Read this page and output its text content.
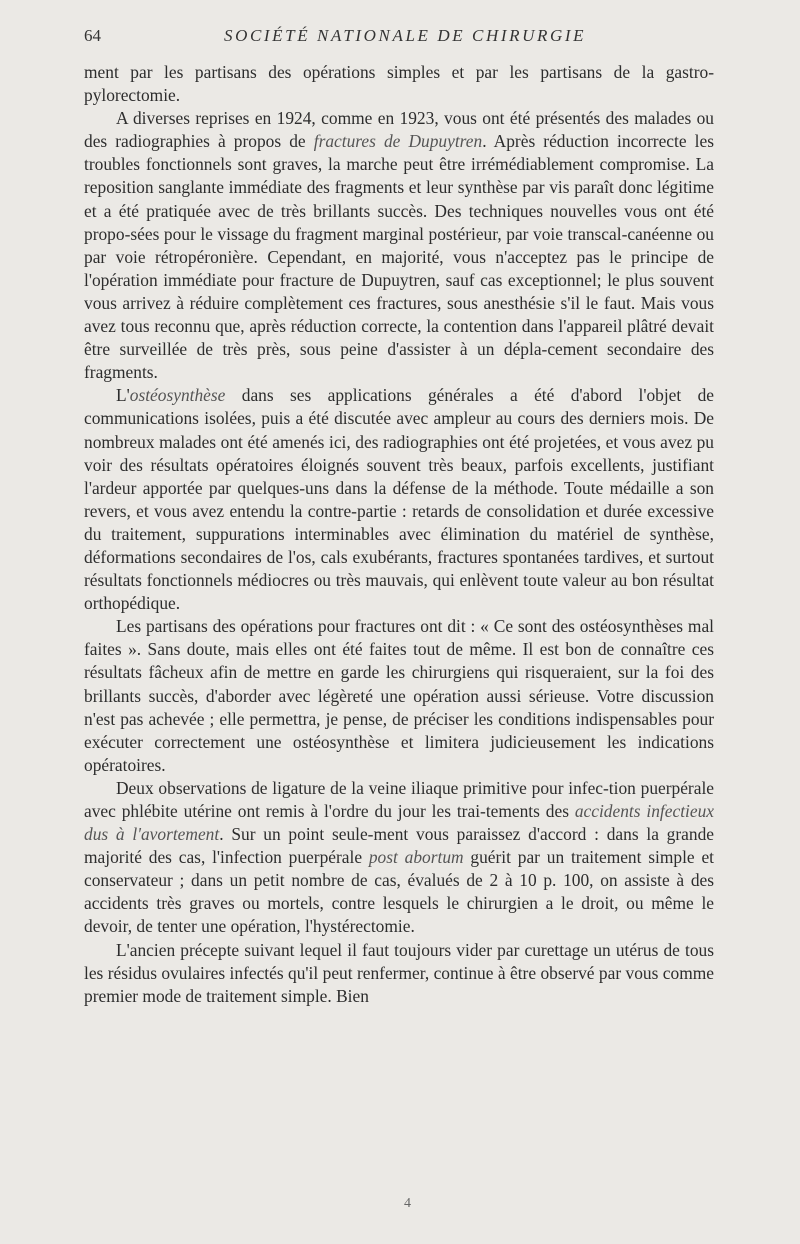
64	SOCIÉTÉ NATIONALE DE CHIRURGIE

ment par les partisans des opérations simples et par les partisans de la gastro-pylorectomie.

A diverses reprises en 1924, comme en 1923, vous ont été présentés des malades ou des radiographies à propos de fractures de Dupuytren. Après réduction incorrecte les troubles fonctionnels sont graves, la marche peut être irrémédiablement compromise. La reposition sanglante immédiate des fragments et leur synthèse par vis paraît donc légitime et a été pratiquée avec de très brillants succès. Des techniques nouvelles vous ont été propo-sées pour le vissage du fragment marginal postérieur, par voie transcal-canéenne ou par voie rétropéronière. Cependant, en majorité, vous n'acceptez pas le principe de l'opération immédiate pour fracture de Dupuytren, sauf cas exceptionnel; le plus souvent vous arrivez à réduire complètement ces fractures, sous anesthésie s'il le faut. Mais vous avez tous reconnu que, après réduction correcte, la contention dans l'appareil plâtré devait être surveillée de très près, sous peine d'assister à un dépla-cement secondaire des fragments.

L'ostéosynthèse dans ses applications générales a été d'abord l'objet de communications isolées, puis a été discutée avec ampleur au cours des derniers mois. De nombreux malades ont été amenés ici, des radiographies ont été projetées, et vous avez pu voir des résultats opératoires éloignés souvent très beaux, parfois excellents, justifiant l'ardeur apportée par quelques-uns dans la défense de la méthode. Toute médaille a son revers, et vous avez entendu la contre-partie : retards de consolidation et durée excessive du traitement, suppurations interminables avec élimination du matériel de synthèse, déformations secondaires de l'os, cals exubérants, fractures spontanées tardives, et surtout résultats fonctionnels médiocres ou très mauvais, qui enlèvent toute valeur au bon résultat orthopédique.

Les partisans des opérations pour fractures ont dit : « Ce sont des ostéosynthèses mal faites ». Sans doute, mais elles ont été faites tout de même. Il est bon de connaître ces résultats fâcheux afin de mettre en garde les chirurgiens qui risqueraient, sur la foi des brillants succès, d'aborder avec légèreté une opération aussi sérieuse. Votre discussion n'est pas achevée ; elle permettra, je pense, de préciser les conditions indispensables pour exécuter correctement une ostéosynthèse et limitera judicieusement les indications opératoires.

Deux observations de ligature de la veine iliaque primitive pour infec-tion puerpérale avec phlébite utérine ont remis à l'ordre du jour les trai-tements des accidents infectieux dus à l'avortement. Sur un point seule-ment vous paraissez d'accord : dans la grande majorité des cas, l'infection puerpérale post abortum guérit par un traitement simple et conservateur ; dans un petit nombre de cas, évalués de 2 à 10 p. 100, on assiste à des accidents très graves ou mortels, contre lesquels le chirurgien a le droit, ou même le devoir, de tenter une opération, l'hystérectomie.

L'ancien précepte suivant lequel il faut toujours vider par curettage un utérus de tous les résidus ovulaires infectés qu'il peut renfermer, continue à être observé par vous comme premier mode de traitement simple. Bien

4
